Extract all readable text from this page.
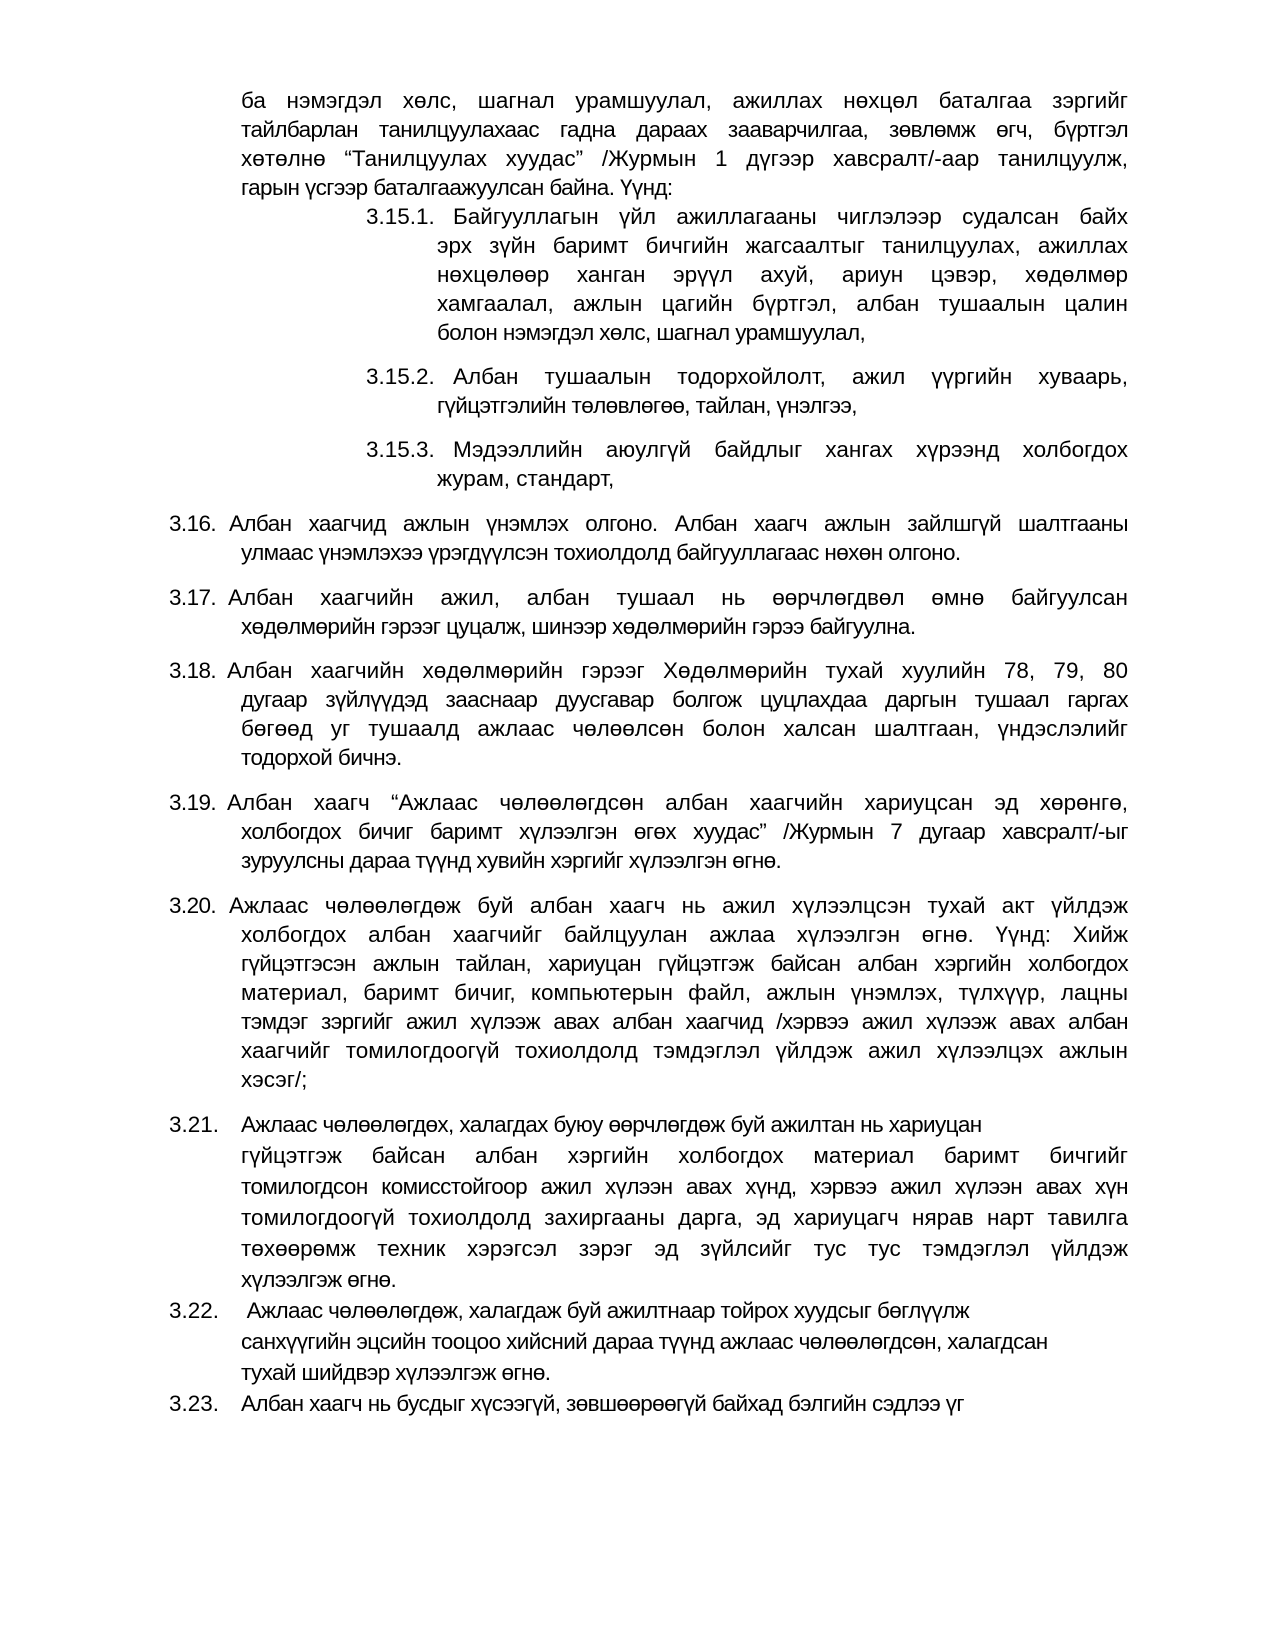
ба нэмэгдэл хөлс, шагнал урамшуулал, ажиллах нөхцөл баталгаа зэргийг
тайлбарлан танилцуулахаас гадна дараах зааварчилгаа, зөвлөмж өгч, бүртгэл
хөтөлнө “Танилцуулах хуудас” /Журмын 1 дүгээр хавсралт/-аар танилцуулж,
гарын үсгээр баталгаажуулсан байна. Үүнд:
3.15.1. Байгууллагын үйл ажиллагааны чиглэлээр судалсан байх
эрх зүйн баримт бичгийн жагсаалтыг танилцуулах, ажиллах
нөхцөлөөр ханган эрүүл ахуй, ариун цэвэр, хөдөлмөр
хамгаалал, ажлын цагийн бүртгэл, албан тушаалын цалин
болон нэмэгдэл хөлс, шагнал урамшуулал,
3.15.2. Албан тушаалын тодорхойлолт, ажил үүргийн хуваарь,
гүйцэтгэлийн төлөвлөгөө, тайлан, үнэлгээ,
3.15.3. Мэдээллийн аюулгүй байдлыг хангах хүрээнд холбогдох
журам, стандарт,
3.16. Албан хаагчид ажлын үнэмлэх олгоно. Албан хаагч ажлын зайлшгүй шалтгааны
улмаас үнэмлэхээ үрэгдүүлсэн тохиолдолд байгууллагаас нөхөн олгоно.
3.17. Албан хаагчийн ажил, албан тушаал нь өөрчлөгдвөл өмнө байгуулсан
хөдөлмөрийн гэрээг цуцалж, шинээр хөдөлмөрийн гэрээ байгуулна.
3.18. Албан хаагчийн хөдөлмөрийн гэрээг Хөдөлмөрийн тухай хуулийн 78, 79, 80
дугаар зүйлүүдэд зааснаар дуусгавар болгож цуцлахдаа даргын тушаал гаргах
бөгөөд уг тушаалд ажлаас чөлөөлсөн болон халсан шалтгаан, үндэслэлийг
тодорхой бичнэ.
3.19. Албан хаагч “Ажлаас чөлөөлөгдсөн албан хаагчийн хариуцсан эд хөрөнгө,
холбогдох бичиг баримт хүлээлгэн өгөх хуудас” /Журмын 7 дугаар хавсралт/-ыг
зуруулсны дараа түүнд хувийн хэргийг хүлээлгэн өгнө.
3.20. Ажлаас чөлөөлөгдөж буй албан хаагч нь ажил хүлээлцсэн тухай акт үйлдэж
холбогдох албан хаагчийг байлцуулан ажлаа хүлээлгэн өгнө. Үүнд: Хийж
гүйцэтгэсэн ажлын тайлан, хариуцан гүйцэтгэж байсан албан хэргийн холбогдох
материал, баримт бичиг, компьютерын файл, ажлын үнэмлэх, түлхүүр, лацны
тэмдэг зэргийг ажил хүлээж авах албан хаагчид /хэрвээ ажил хүлээж авах албан
хаагчийг томилогдоогүй тохиолдолд тэмдэглэл үйлдэж ажил хүлээлцэх ажлын
хэсэг/;
3.21. Ажлаас чөлөөлөгдөх, халагдах буюу өөрчлөгдөж буй ажилтан нь хариуцан
гүйцэтгэж байсан албан хэргийн холбогдох материал баримт бичгийг
томилогдсон комисстойгоор ажил хүлээн авах хүнд, хэрвээ ажил хүлээн авах хүн
томилогдоогүй тохиолдолд захиргааны дарга, эд хариуцагч нярав нарт тавилга
төхөөрөмж техник хэрэгсэл зэрэг эд зүйлсийг тус тус тэмдэглэл үйлдэж
хүлээлгэж өгнө.
3.22. Ажлаас чөлөөлөгдөж, халагдаж буй ажилтнаар тойрох хуудсыг бөглүүлж
санхүүгийн эцсийн тооцоо хийсний дараа түүнд ажлаас чөлөөлөгдсөн, халагдсан
тухай шийдвэр хүлээлгэж өгнө.
3.23. Албан хаагч нь бусдыг хүсээгүй, зөвшөөрөөгүй байхад бэлгийн сэдлээ үг
